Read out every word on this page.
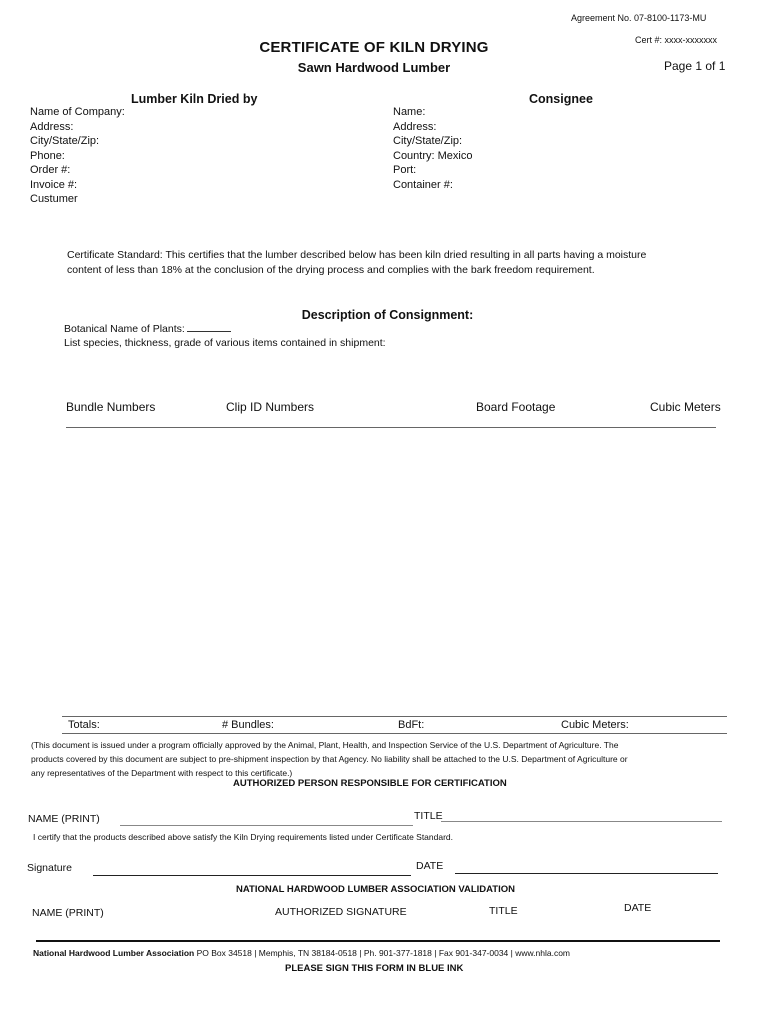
Agreement No. 07-8100-1173-MU
Cert #: xxxx-xxxxxxx
CERTIFICATE OF KILN DRYING
Sawn Hardwood Lumber	Page 1 of 1
Lumber Kiln Dried by	Consignee
Name of Company:
Address:
City/State/Zip:
Phone:
Order #:
Invoice #:
Custumer
Name:
Address:
City/State/Zip:
Country: Mexico
Port:
Container #:
Certificate Standard: This certifies that the lumber described below has been kiln dried resulting in all parts having a moisture content of less than 18% at the conclusion of the drying process and complies with the bark freedom requirement.
Description of Consignment:
Botanical Name of Plants:
List species, thickness, grade of various items contained in shipment:
Bundle Numbers	Clip ID Numbers	Board Footage	Cubic Meters
Totals:	# Bundles:	BdFt:	Cubic Meters:
(This document is issued under a program officially approved by the Animal, Plant, Health, and Inspection Service of the U.S. Department of Agriculture. The products covered by this document are subject to pre-shipment inspection by that Agency. No liability shall be attached to the U.S. Department of Agriculture or any representatives of the Department with respect to this certificate.)
AUTHORIZED PERSON RESPONSIBLE FOR CERTIFICATION
NAME (PRINT)	TITLE
I certify that the products described above satisfy the Kiln Drying requirements listed under Certificate Standard.
Signature	DATE
NATIONAL HARDWOOD LUMBER ASSOCIATION VALIDATION
NAME (PRINT)	AUTHORIZED SIGNATURE	TITLE	DATE
National Hardwood Lumber Association PO Box 34518 | Memphis, TN 38184-0518 | Ph. 901-377-1818 | Fax 901-347-0034 | www.nhla.com
PLEASE SIGN THIS FORM IN BLUE INK
